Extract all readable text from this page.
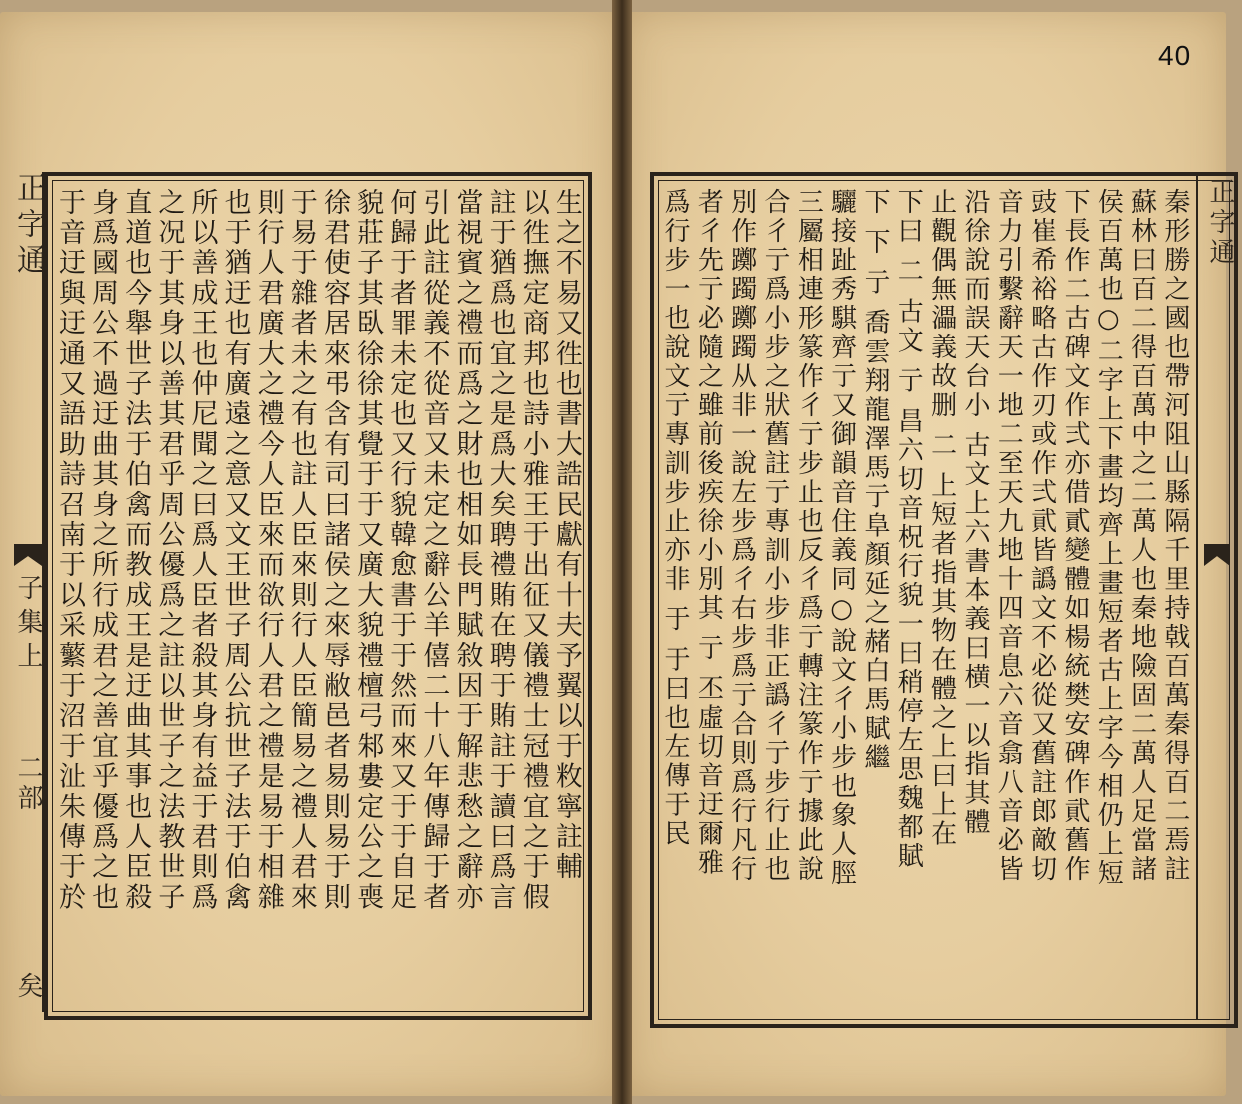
40
正字通
子集上
二部
矣
生之不易又徃也書大誥民獻有十夫予翼以于敉寧註輔
以徃撫定商邦也詩小雅王于出征又儀禮士冠禮宜之于假
註于猶爲也宜之是爲大矣聘禮賄在聘于賄註于讀曰爲言
當視賓之禮而爲之財也相如長門賦敘因于解悲愁之辭亦
引此註從義不從音又未定之辭公羊僖二十八年傳歸于者
何歸于者罪未定也又行貌韓愈書于于然而來又于于自足
貌莊子其臥徐徐其覺于于又廣大貌禮檀弓邾婁定公之喪
徐君使容居來弔含有司曰諸侯之來辱敝邑者易則易于則
于易于雜者未之有也註人臣來則行人臣簡易之禮人君來
則行人君廣大之禮今人臣來而欲行人君之禮是易于相雜
也于猶迂也有廣遠之意又文王世子周公抗世子法于伯禽
所以善成王也仲尼聞之曰爲人臣者殺其身有益于君則爲
之况于其身以善其君乎周公優爲之註以世子之法教世子
直道也今舉世子法于伯禽而教成王是迂曲其事也人臣殺
身爲國周公不過迂曲其身之所行成君之善宜乎優爲之也
于音迂與迂通又語助詩召南于以采蘩于沼于沚朱傳于於	秦形勝之國也帶河阻山縣隔千里持戟百萬秦得百二焉註
蘇林曰百二得百萬中之二萬人也秦地險固二萬人足當諸
侯百萬也○二字上下畫均齊上畫短者古上字今相仍上短
下長作二古碑文作弍亦借貳變體如楊統樊安碑作貮舊作
豉崔希裕略古作刃或作弍貮皆譌文不必從又舊註郎敵切
音力引繫辭天一地二至天九地十四音息六音翕八音必皆
沿徐說而誤天台小 古文上六書本義曰横一以指其體
止觀偶無㵽義故删 二 上短者指其物在體之上曰上在
下曰 二 古文 亍 昌六切音柷行貌一曰稍停左思魏都賦
下 下 亍 喬雲翔龍澤馬亍阜顏延之赭白馬賦繼
驪接趾秀騏齊亍又御韻音住義同○說文彳小步也象人脛
三屬相連形篆作彳亍步止也反彳爲亍轉注篆作亍據此說
合彳亍爲小步之狀舊註亍專訓小步非正譌彳亍步行止也
別作躑躅躑躅从非一說左步爲彳右步爲亍合則爲行凡行
者彳先亍必隨之雖前後疾徐小別其 亍 丕虛切音迂爾雅
爲行步一也說文亍專訓步止亦非 于 于曰也左傳于民	正字通
